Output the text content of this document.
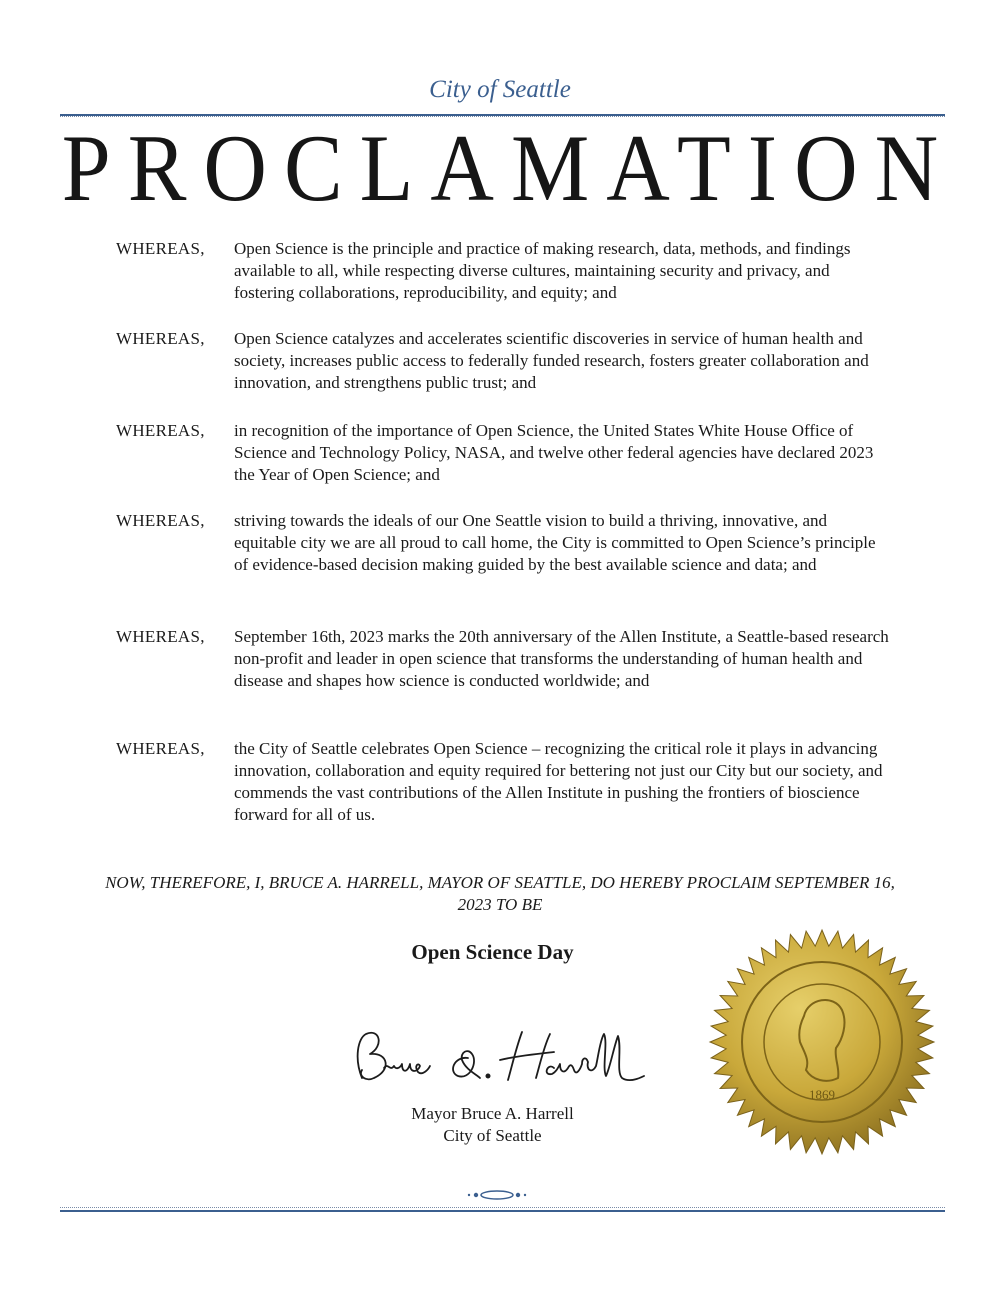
City of Seattle
PROCLAMATION
WHEREAS, Open Science is the principle and practice of making research, data, methods, and findings available to all, while respecting diverse cultures, maintaining security and privacy, and fostering collaborations, reproducibility, and equity; and
WHEREAS, Open Science catalyzes and accelerates scientific discoveries in service of human health and society, increases public access to federally funded research, fosters greater collaboration and innovation, and strengthens public trust; and
WHEREAS, in recognition of the importance of Open Science, the United States White House Office of Science and Technology Policy, NASA, and twelve other federal agencies have declared 2023 the Year of Open Science; and
WHEREAS, striving towards the ideals of our One Seattle vision to build a thriving, innovative, and equitable city we are all proud to call home, the City is committed to Open Science’s principle of evidence-based decision making guided by the best available science and data; and
WHEREAS, September 16th, 2023 marks the 20th anniversary of the Allen Institute, a Seattle-based research non-profit and leader in open science that transforms the understanding of human health and disease and shapes how science is conducted worldwide; and
WHEREAS, the City of Seattle celebrates Open Science – recognizing the critical role it plays in advancing innovation, collaboration and equity required for bettering not just our City but our society, and commends the vast contributions of the Allen Institute in pushing the frontiers of bioscience forward for all of us.
NOW, THEREFORE, I, BRUCE A. HARRELL, MAYOR OF SEATTLE, DO HEREBY PROCLAIM SEPTEMBER 16, 2023 TO BE
Open Science Day
Mayor Bruce A. Harrell
City of Seattle
1869
